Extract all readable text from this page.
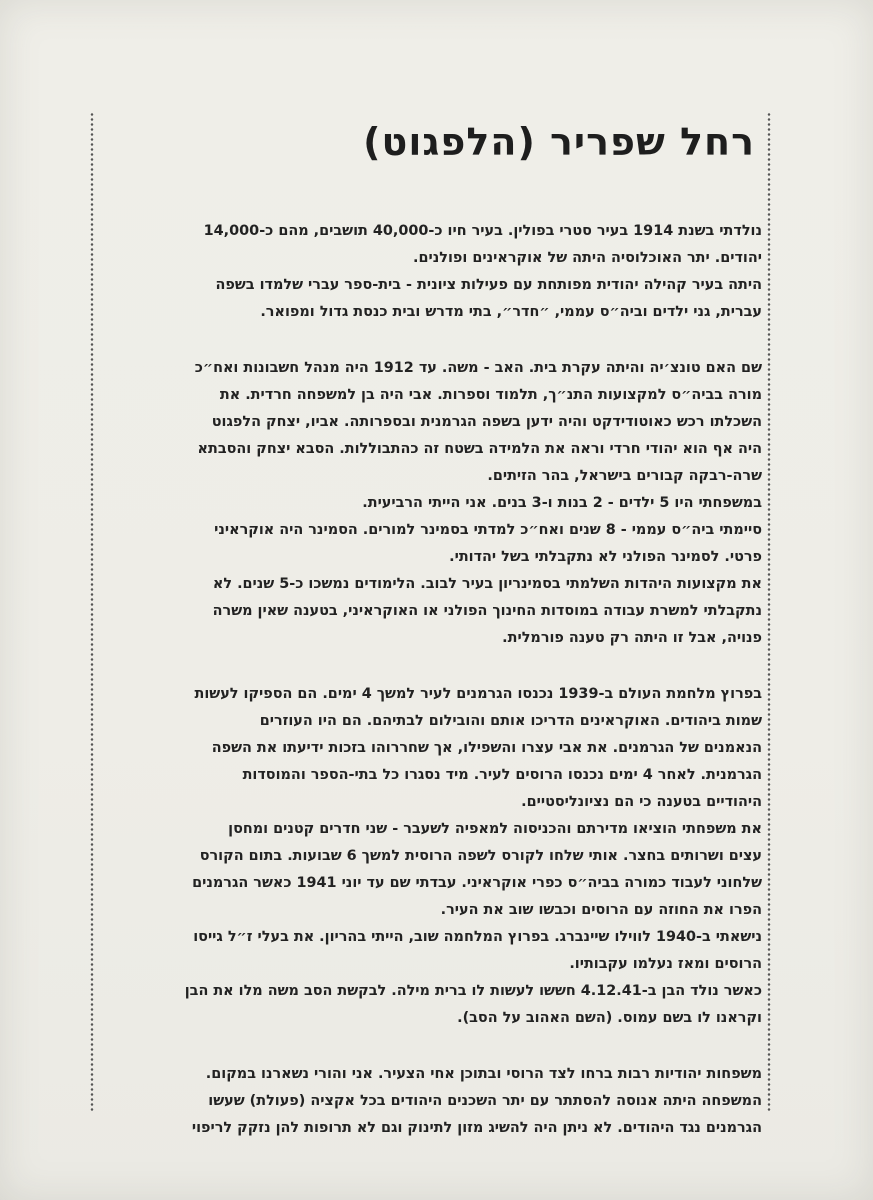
רחל שפריר (הלפגוט)
נולדתי בשנת 1914 בעיר סטרי בפולין. בעיר חיו כ-40,000 תושבים, מהם כ-14,000
יהודים. יתר האוכלוסיה היתה של אוקראינים ופולנים.
היתה בעיר קהילה יהודית מפותחת עם פעילות ציונית - בית-ספר עברי שלמדו בשפה
עברית, גני ילדים וביה״ס עממי, ״חדר״, בתי מדרש ובית כנסת גדול ומפואר.
שם האם טונצ׳יה והיתה עקרת בית. האב - משה. עד 1912 היה מנהל חשבונות ואח״כ
מורה בביה״ס למקצועות התנ״ך, תלמוד וספרות. אבי היה בן למשפחה חרדית. את
השכלתו רכש כאוטודידקט והיה ידען בשפה הגרמנית ובספרותה. אביו, יצחק הלפגוט
היה אף הוא יהודי חרדי וראה את הלמידה בשטח זה כהתבוללות. הסבא יצחק והסבתא
שרה-רבקה קבורים בישראל, בהר הזיתים.
במשפחתי היו 5 ילדים - 2 בנות ו-3 בנים. אני הייתי הרביעית.
סיימתי ביה״ס עממי - 8 שנים ואח״כ למדתי בסמינר למורים. הסמינר היה אוקראיני
פרטי. לסמינר הפולני לא נתקבלתי בשל יהדותי.
את מקצועות היהדות השלמתי בסמינריון בעיר לבוב. הלימודים נמשכו כ-5 שנים. לא
נתקבלתי למשרת עבודה במוסדות החינוך הפולני או האוקראיני, בטענה שאין משרה
פנויה, אבל זו היתה רק טענה פורמלית.
בפרוץ מלחמת העולם ב-1939 נכנסו הגרמנים לעיר למשך 4 ימים. הם הספיקו לעשות
שמות ביהודים. האוקראינים הדריכו אותם והובילום לבתיהם. הם היו העוזרים
הנאמנים של הגרמנים. את אבי עצרו והשפילו, אך שחררוהו בזכות ידיעתו את השפה
הגרמנית. לאחר 4 ימים נכנסו הרוסים לעיר. מיד נסגרו כל בתי-הספר והמוסדות
היהודיים בטענה כי הם נציונליסטיים.
את משפחתי הוציאו מדירתם והכניסוה למאפיה לשעבר - שני חדרים קטנים ומחסן
עצים ושרותים בחצר. אותי שלחו לקורס לשפה הרוסית למשך 6 שבועות. בתום הקורס
שלחוני לעבוד כמורה בביה״ס כפרי אוקראיני. עבדתי שם עד יוני 1941 כאשר הגרמנים
הפרו את החוזה עם הרוסים וכבשו שוב את העיר.
נישאתי ב-1940 לווילו שיינברג. בפרוץ המלחמה שוב, הייתי בהריון. את בעלי ז״ל גייסו
הרוסים ומאז נעלמו עקבותיו.
כאשר נולד הבן ב-4.12.41 חששו לעשות לו ברית מילה. לבקשת הסב משה מלו את הבן
וקראנו לו בשם עמוס. (השם האהוב על הסב).
משפחות יהודיות רבות ברחו לצד הרוסי ובתוכן אחי הצעיר. אני והורי נשארנו במקום.
המשפחה היתה אנוסה להסתתר עם יתר השכנים היהודים בכל אקציה (פעולת) שעשו
הגרמנים נגד היהודים. לא ניתן היה להשיג מזון לתינוק וגם לא תרופות להן נזקק לריפוי
